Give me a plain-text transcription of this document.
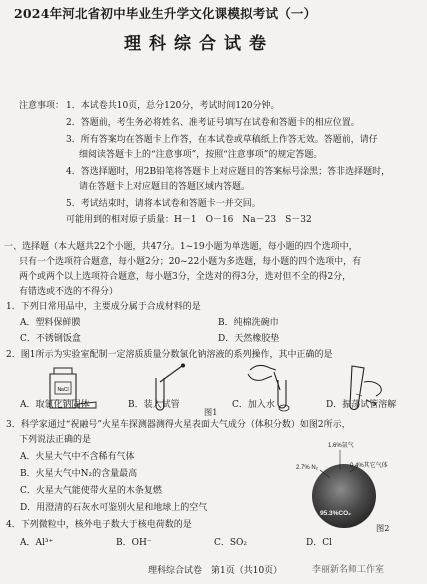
2024年河北省初中毕业生升学文化课模拟考试（一）
理科综合试卷
注意事项： 1．本试卷共10页，总分120分，考试时间120分钟。
2．答题前，考生务必将姓名、准考证号填写在试卷和答题卡的相应位置。
3．所有答案均在答题卡上作答，在本试卷或草稿纸上作答无效。答题前，请仔
细阅读答题卡上的“注意事项”，按照“注意事项”的规定答题。
4．答选择题时，用2B铅笔将答题卡上对应题目的答案标号涂黑；答非选择题时，
请在答题卡上对应题目的答题区域内答题。
5．考试结束时，请将本试卷和答题卡一并交回。
可能用到的相对原子质量：H－1　O－16　Na－23　S－32
一、选择题（本大题共22个小题，共47分。1~19小题为单选题，每小题的四个选项中，
只有一个选项符合题意，每小题2分；20~22小题为多选题，每小题的四个选项中，有
两个或两个以上选项符合题意，每小题3分，全选对的得3分，选对但不全的得2分，
有错选或不选的不得分）
1．下列日常用品中，主要成分属于合成材料的是
A．塑料保鲜膜	B．纯棉洗碗巾
C．不锈钢饭盒	D．天然橡胶垫
2．图1所示为实验室配制一定溶质质量分数氯化钠溶液的系列操作，其中正确的是
NaCl
A．取氯化钠固体	B．装入试管	C．加入水	D．振荡试管溶解
图1
3．科学家通过“祝融号”火星车探测器测得火星表面大气成分（体积分数）如图2所示，
下列说法正确的是
A．火星大气中不含稀有气体
B．火星大气中N₂的含量最高
C．火星大气能使带火星的木条复燃
D．用澄清的石灰水可鉴别火星和地球上的空气
1.6%氩气
2.7% N₂	0.4%其它气体
95.3%CO₂
图2
4．下列微粒中，核外电子数大于核电荷数的是
A．Al³⁺	B．OH⁻	C．SO₂	D．Cl
理科综合试卷　第1页（共10页）	李丽新名师工作室
